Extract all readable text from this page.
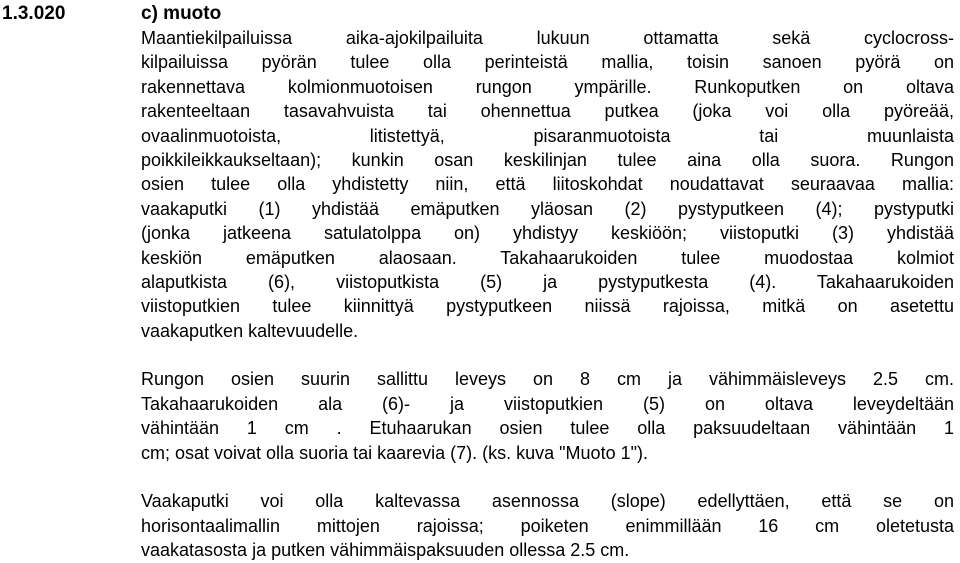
1.3.020	c) muoto
Maantiekilpailuissa aika-ajokilpailuita lukuun ottamatta sekä cyclocross-
kilpailuissa pyörän tulee olla perinteistä mallia, toisin sanoen pyörä on
rakennettava kolmionmuotoisen rungon ympärille. Runkoputken on oltava
rakenteeltaan tasavahvuista tai ohennettua putkea (joka voi olla pyöreää,
ovaalinmuotoista, litistettyä, pisaranmuotoista tai muunlaista
poikkileikkaukseltaan); kunkin osan keskilinjan tulee aina olla suora. Rungon
osien tulee olla yhdistetty niin, että liitoskohdat noudattavat seuraavaa mallia:
vaakaputki (1) yhdistää emäputken yläosan (2) pystyputkeen (4); pystyputki
(jonka jatkeena satulatolppa on) yhdistyy keskiöön; viistoputki (3) yhdistää
keskiön emäputken alaosaan. Takahaarukoiden tulee muodostaa kolmiot
alaputkista (6), viistoputkista (5) ja pystyputkesta (4). Takahaarukoiden
viistoputkien tulee kiinnittyä pystyputkeen niissä rajoissa, mitkä on asetettu
vaakaputken kaltevuudelle.
Rungon osien suurin sallittu leveys on 8 cm ja vähimmäisleveys 2.5 cm.
Takahaarukoiden ala (6)- ja viistoputkien (5) on oltava leveydeltään
vähintään 1 cm . Etuhaarukan osien tulee olla paksuudeltaan vähintään 1
cm; osat voivat olla suoria tai kaarevia (7). (ks. kuva "Muoto 1").
Vaakaputki voi olla kaltevassa asennossa (slope) edellyttäen, että se on
horisontaalimallin mittojen rajoissa; poiketen enimmillään 16 cm oletetusta
vaakatasosta ja putken vähimmäispaksuuden ollessa 2.5 cm.
